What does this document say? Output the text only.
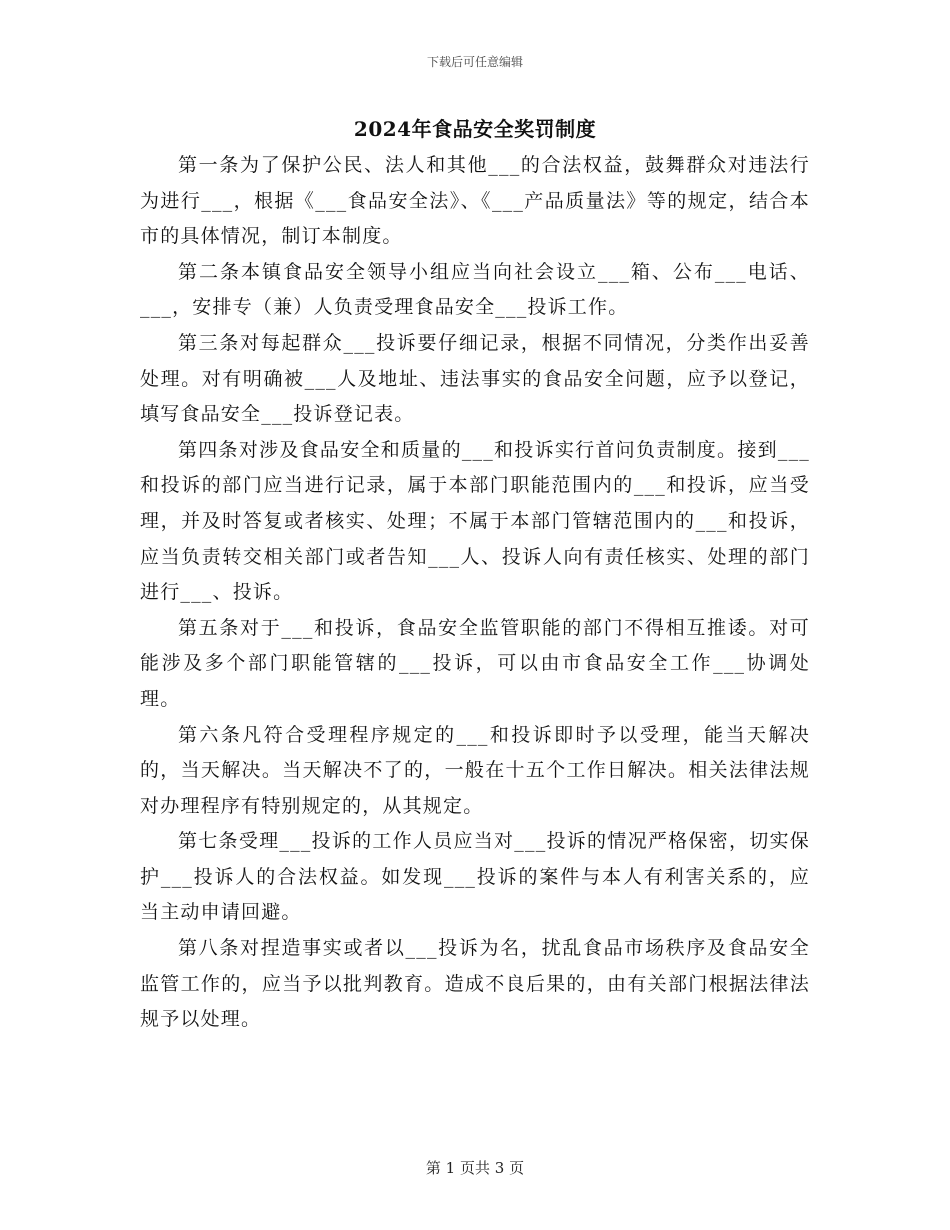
下载后可任意编辑
2024年食品安全奖罚制度

第一条为了保护公民、法人和其他___的合法权益，鼓舞群众对违法行为进行___，根据《___食品安全法》、《___产品质量法》等的规定，结合本市的具体情况，制订本制度。

第二条本镇食品安全领导小组应当向社会设立___箱、公布___电话、___，安排专（兼）人负责受理食品安全___投诉工作。

第三条对每起群众___投诉要仔细记录，根据不同情况，分类作出妥善处理。对有明确被___人及地址、违法事实的食品安全问题，应予以登记，填写食品安全___投诉登记表。

第四条对涉及食品安全和质量的___和投诉实行首问负责制度。接到___和投诉的部门应当进行记录，属于本部门职能范围内的___和投诉，应当受理，并及时答复或者核实、处理；不属于本部门管辖范围内的___和投诉，应当负责转交相关部门或者告知___人、投诉人向有责任核实、处理的部门进行___、投诉。

第五条对于___和投诉，食品安全监管职能的部门不得相互推诿。对可能涉及多个部门职能管辖的___投诉，可以由市食品安全工作___协调处理。

第六条凡符合受理程序规定的___和投诉即时予以受理，能当天解决的，当天解决。当天解决不了的，一般在十五个工作日解决。相关法律法规对办理程序有特别规定的，从其规定。

第七条受理___投诉的工作人员应当对___投诉的情况严格保密，切实保护___投诉人的合法权益。如发现___投诉的案件与本人有利害关系的，应当主动申请回避。

第八条对捏造事实或者以___投诉为名，扰乱食品市场秩序及食品安全监管工作的，应当予以批判教育。造成不良后果的，由有关部门根据法律法规予以处理。

第 1 页共 3 页
